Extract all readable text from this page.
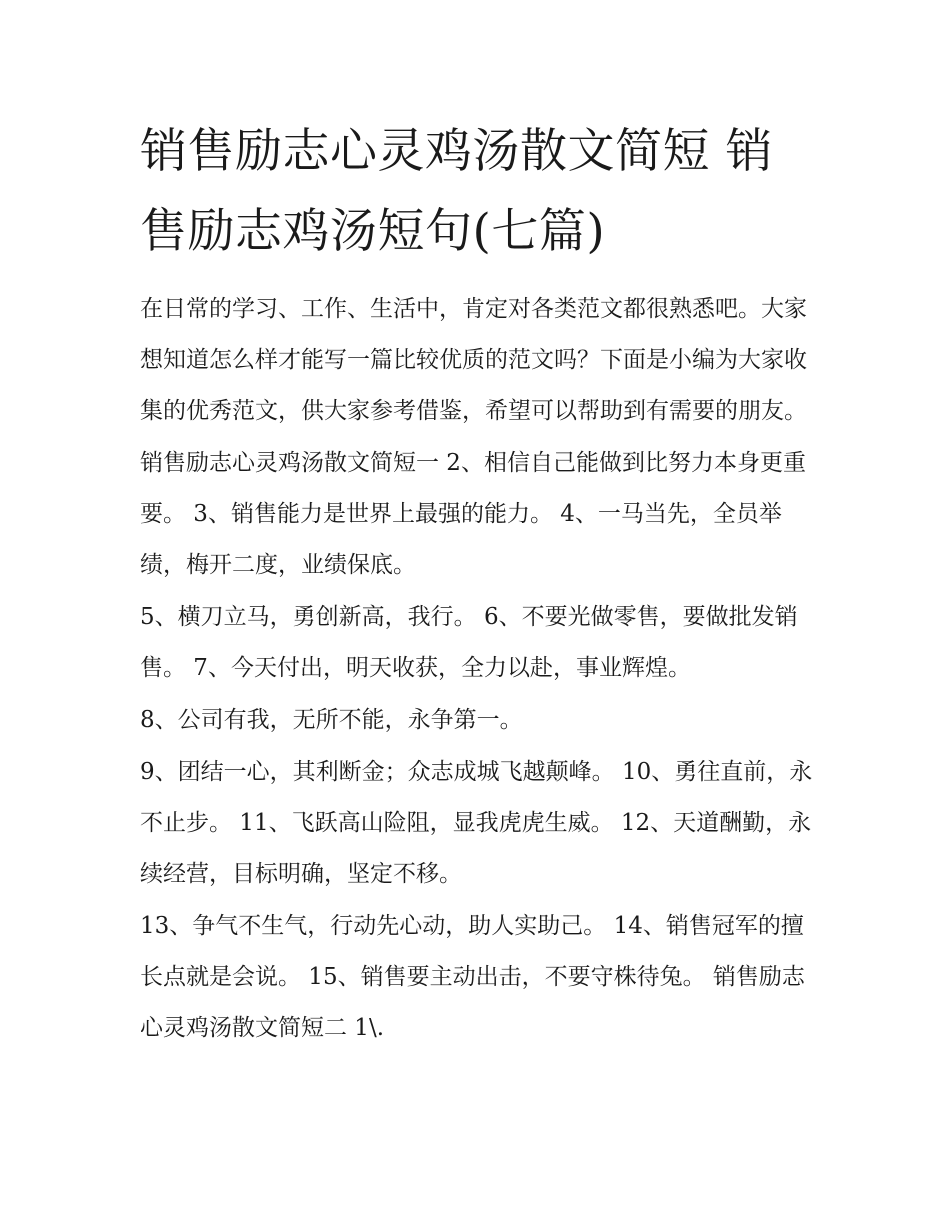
销售励志心灵鸡汤散文简短 销售励志鸡汤短句(七篇)

在日常的学习、工作、生活中，肯定对各类范文都很熟悉吧。大家想知道怎么样才能写一篇比较优质的范文吗？下面是小编为大家收集的优秀范文，供大家参考借鉴，希望可以帮助到有需要的朋友。

销售励志心灵鸡汤散文简短一 2、相信自己能做到比努力本身更重要。 3、销售能力是世界上最强的能力。 4、一马当先，全员举绩，梅开二度，业绩保底。

5、横刀立马，勇创新高，我行。 6、不要光做零售，要做批发销售。 7、今天付出，明天收获，全力以赴，事业辉煌。

8、公司有我，无所不能，永争第一。

9、团结一心，其利断金；众志成城飞越颠峰。 10、勇往直前，永不止步。 11、飞跃高山险阻，显我虎虎生威。 12、天道酬勤，永续经营，目标明确，坚定不移。

13、争气不生气，行动先心动，助人实助己。 14、销售冠军的擅长点就是会说。 15、销售要主动出击，不要守株待兔。 销售励志心灵鸡汤散文简短二 1\.
